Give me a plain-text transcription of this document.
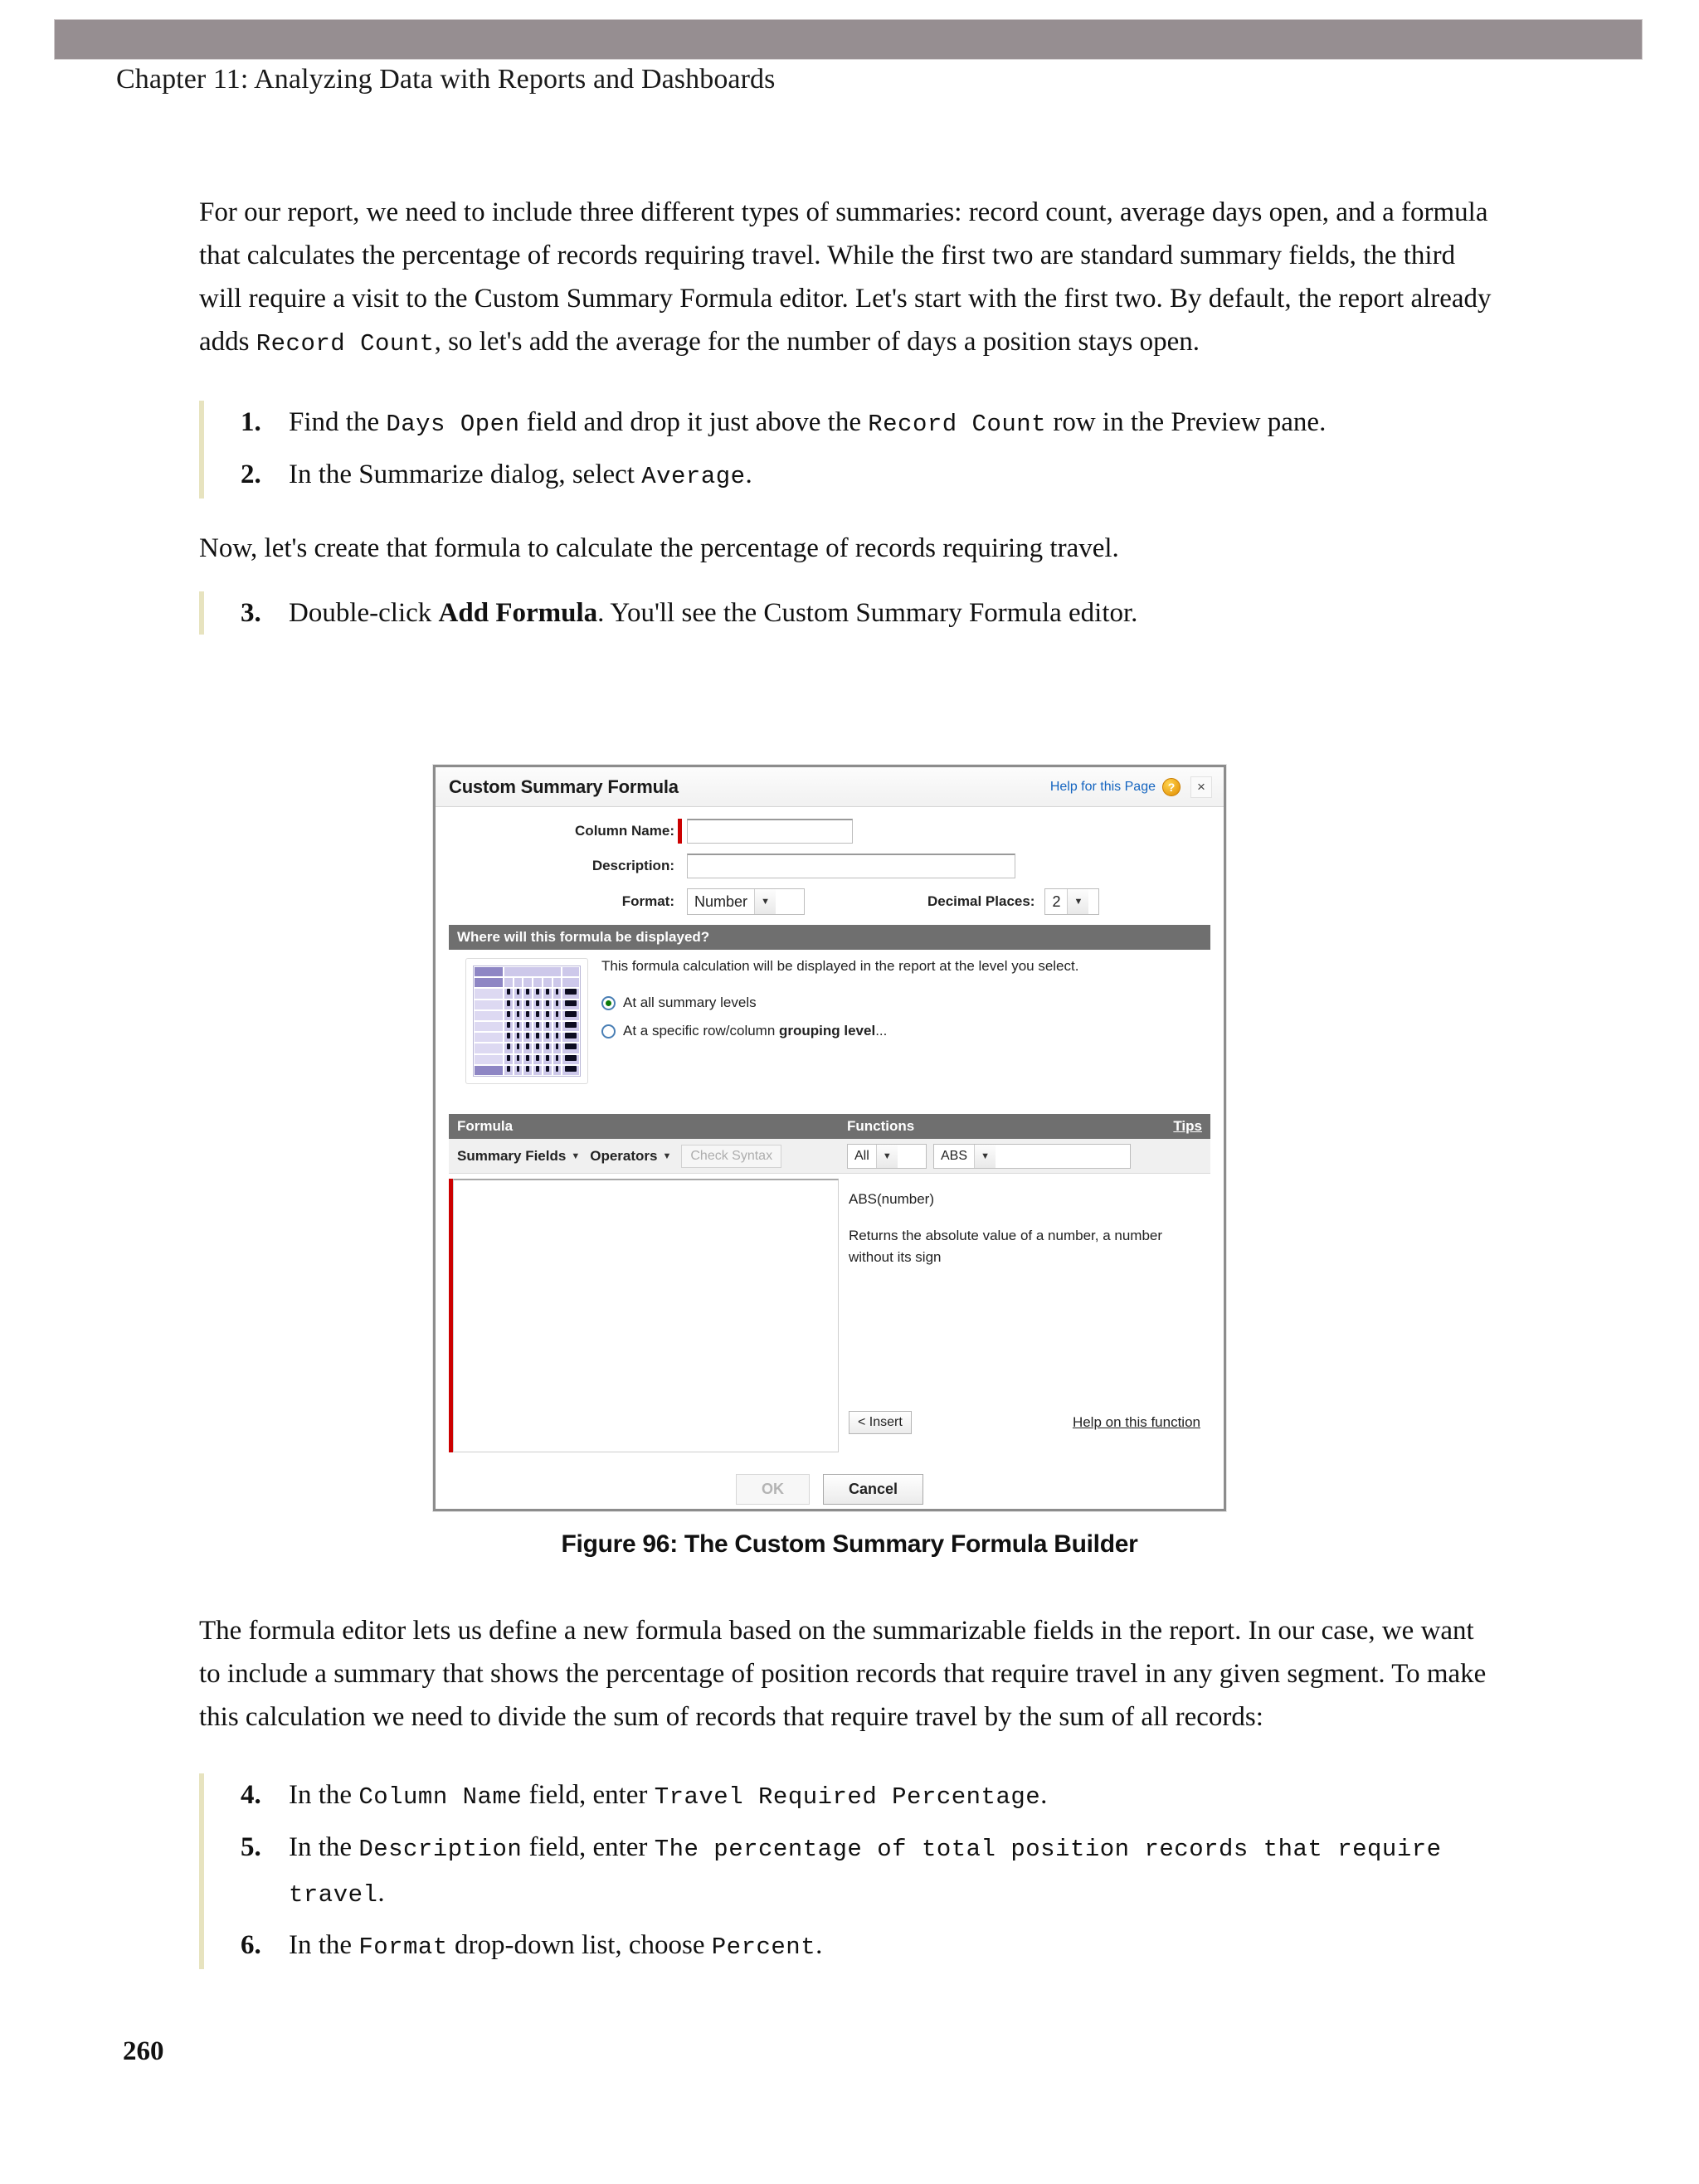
Chapter 11: Analyzing Data with Reports and Dashboards

For our report, we need to include three different types of summaries: record count, average days open, and a formula that calculates the percentage of records requiring travel. While the first two are standard summary fields, the third will require a visit to the Custom Summary Formula editor. Let's start with the first two. By default, the report already adds Record Count, so let's add the average for the number of days a position stays open.

1. Find the Days Open field and drop it just above the Record Count row in the Preview pane.
2. In the Summarize dialog, select Average.

Now, let's create that formula to calculate the percentage of records requiring travel.

3. Double-click Add Formula. You'll see the Custom Summary Formula editor.
Custom Summary Formula	Help for this Page	?	×
Column Name:
Description:
Format:	Number	▼	Decimal Places:	2	▼
Where will this formula be displayed?
This formula calculation will be displayed in the report at the level you select.
At all summary levels
At a specific row/column grouping level...
Formula	Functions	Tips
Summary Fields ▼ Operators ▼	Check Syntax	All	▼	ABS	▼
ABS(number)
Returns the absolute value of a number, a number without its sign
< Insert	Help on this function
OK	Cancel
Figure 96: The Custom Summary Formula Builder

The formula editor lets us define a new formula based on the summarizable fields in the report. In our case, we want to include a summary that shows the percentage of position records that require travel in any given segment. To make this calculation we need to divide the sum of records that require travel by the sum of all records:

4. In the Column Name field, enter Travel Required Percentage.
5. In the Description field, enter The percentage of total position records that require travel.
6. In the Format drop-down list, choose Percent.
260
